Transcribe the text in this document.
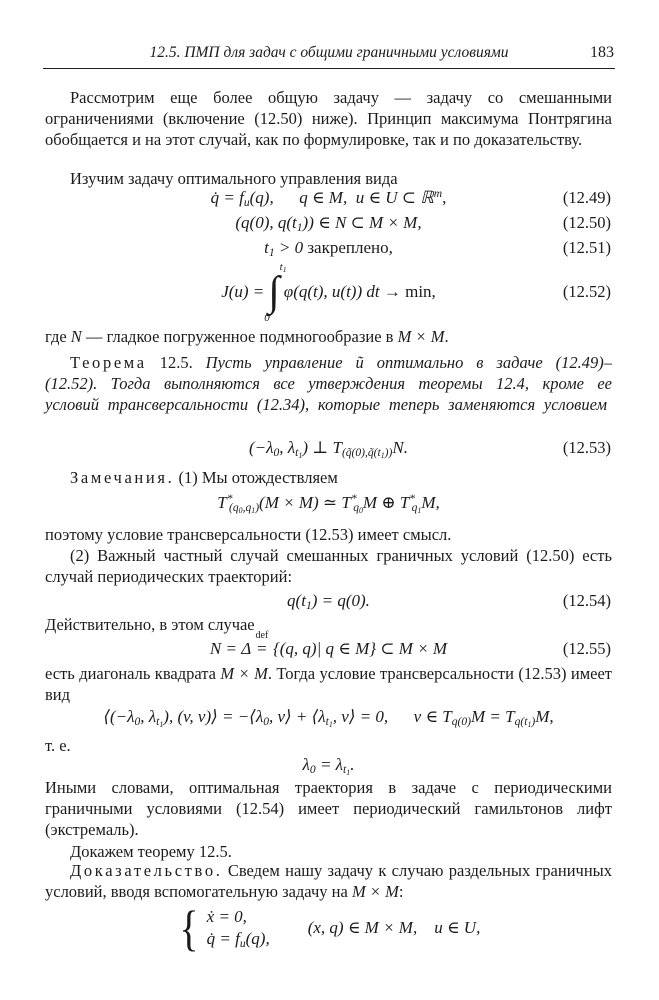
12.5. ПМП для задач с общими граничными условиями	183
Рассмотрим еще более общую задачу — задачу со смешанными ограничениями (включение (12.50) ниже). Принцип максимума Понтрягина обобщается и на этот случай, как по формулировке, так и по доказательству.
Изучим задачу оптимального управления вида
q̇ = $f_u(q)$,  q ∈ M, u ∈ U ⊂ ℝ$^m$,	(12.49)
(q(0), $q(t_1)$) ∈ N ⊂ M × M,	(12.50)
$t_1 > 0$ закреплено,	(12.51)
J(u) =
$t_1$
∫
0
φ(q(t), u(t)) dt → min,	(12.52)
где N — гладкое погруженное подмногообразие в M × M.
Теорема 12.5. Пусть управление ũ оптимально в задаче (12.49)–(12.52). Тогда выполняются все утверждения теоремы 12.4, кроме ее условий трансверсальности (12.34), которые теперь заменяются условием
($-\lambda_0$, $\lambda_{t_1}$) ⊥ $T_{(q̃(0),q̃(t_1))}N$.	(12.53)
Замечания. (1) Мы отождествляем
$T^*_{(q_0,q_1)}(M \times M)$ ≃ $T^*_{q_0}M$ ⊕ $T^*_{q_1}M$,
поэтому условие трансверсальности (12.53) имеет смысл.
(2) Важный частный случай смешанных граничных условий (12.50) есть случай периодических траекторий:
$q(t_1) = q(0)$.	(12.54)
Действительно, в этом случае
N = Δ
def
= {(q, q)| q ∈ M} ⊂ M × M	(12.55)
есть диагональ квадрата M × M. Тогда условие трансверсальности (12.53) имеет вид
$⟨(-\lambda_0$, $\lambda_{t_1}$), (v, v)⟩ = $-⟨\lambda_0$, v⟩ + $⟨\lambda_{t_1}$, v⟩ = 0,  v ∈ $T_{q(0)}M = T_{q(t_1)}M$,
т. е.
$\lambda_0 = \lambda_{t_1}$.
Иными словами, оптимальная траектория в задаче с периодическими граничными условиями (12.54) имеет периодический гамильтонов лифт (экстремаль).
Докажем теорему 12.5.
Доказательство. Сведем нашу задачу к случаю раздельных граничных условий, вводя вспомогательную задачу на M × M:
{ ẋ = 0,
q̇ = $f_u(q)$,
(x, q) ∈ M × M,  u ∈ U,
